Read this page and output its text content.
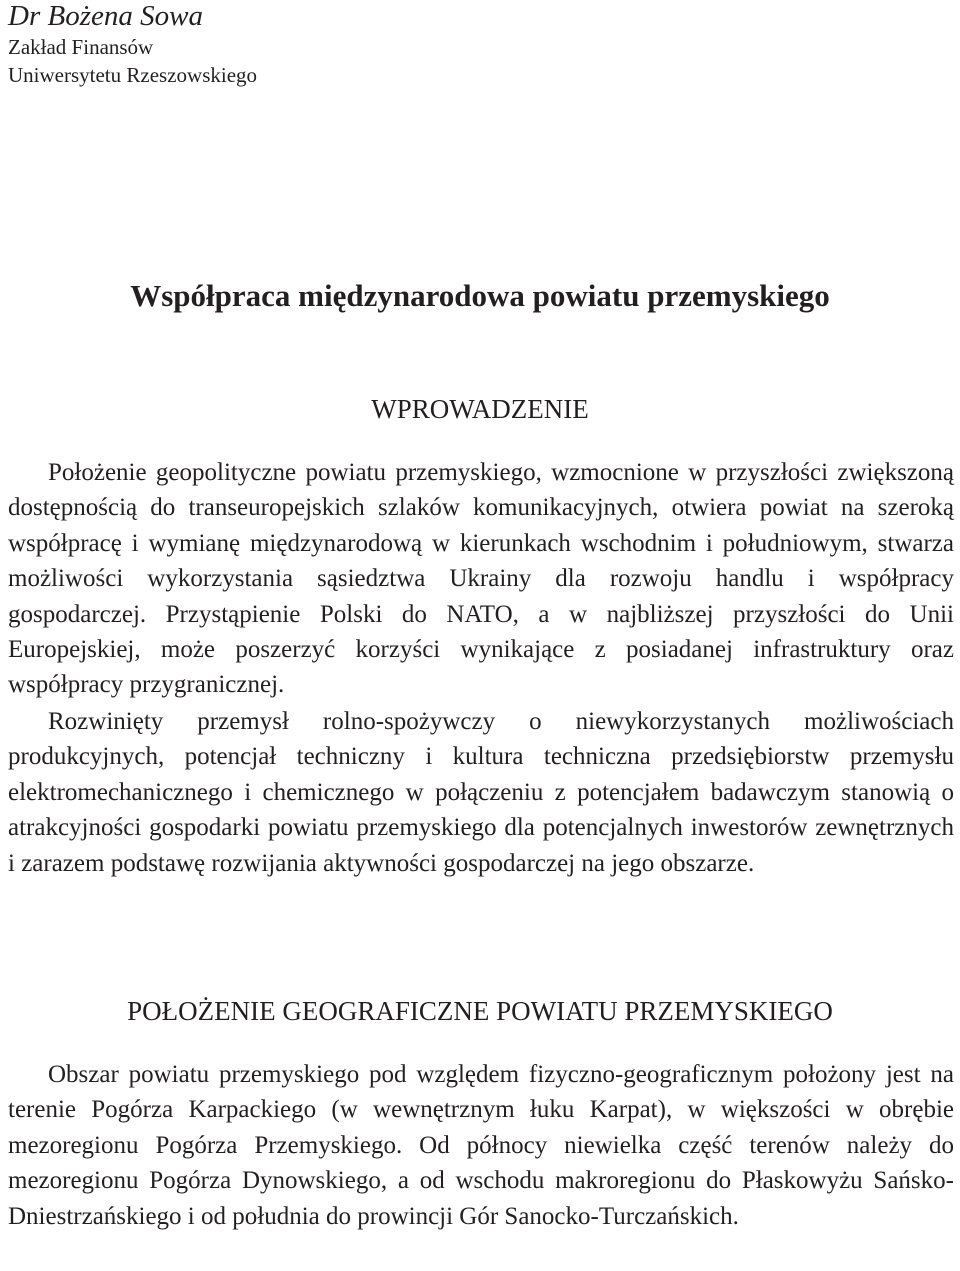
Dr Bożena Sowa

Zakład Finansów

Uniwersytetu Rzeszowskiego

Współpraca międzynarodowa powiatu przemyskiego
WPROWADZENIE

Położenie geopolityczne powiatu przemyskiego, wzmocnione w przyszłości zwiększoną dostępnością do transeuropejskich szlaków komunikacyjnych, otwiera powiat na szeroką współpracę i wymianę międzynarodową w kierunkach wschodnim i południowym, stwarza możliwości wykorzystania sąsiedztwa Ukrainy dla rozwoju handlu i współpracy gospodarczej. Przystąpienie Polski do NATO, a w najbliższej przyszłości do Unii Europejskiej, może poszerzyć korzyści wynikające z posiadanej infrastruktury oraz współpracy przygranicznej.

Rozwinięty przemysł rolno-spożywczy o niewykorzystanych możliwościach produkcyjnych, potencjał techniczny i kultura techniczna przedsiębiorstw przemysłu elektromechanicznego i chemicznego w połączeniu z potencjałem badawczym stanowią o atrakcyjności gospodarki powiatu przemyskiego dla potencjalnych inwestorów zewnętrznych i zarazem podstawę rozwijania aktywności gospodarczej na jego obszarze.

POŁOŻENIE GEOGRAFICZNE POWIATU PRZEMYSKIEGO

Obszar powiatu przemyskiego pod względem fizyczno-geograficznym położony jest na terenie Pogórza Karpackiego (w wewnętrznym łuku Karpat), w większości w obrębie mezoregionu Pogórza Przemyskiego. Od północy niewielka część terenów należy do mezoregionu Pogórza Dynowskiego, a od wschodu makroregionu do Płaskowyżu Sańsko-Dniestrzańskiego i od południa do prowincji Gór Sanocko-Turczańskich.
